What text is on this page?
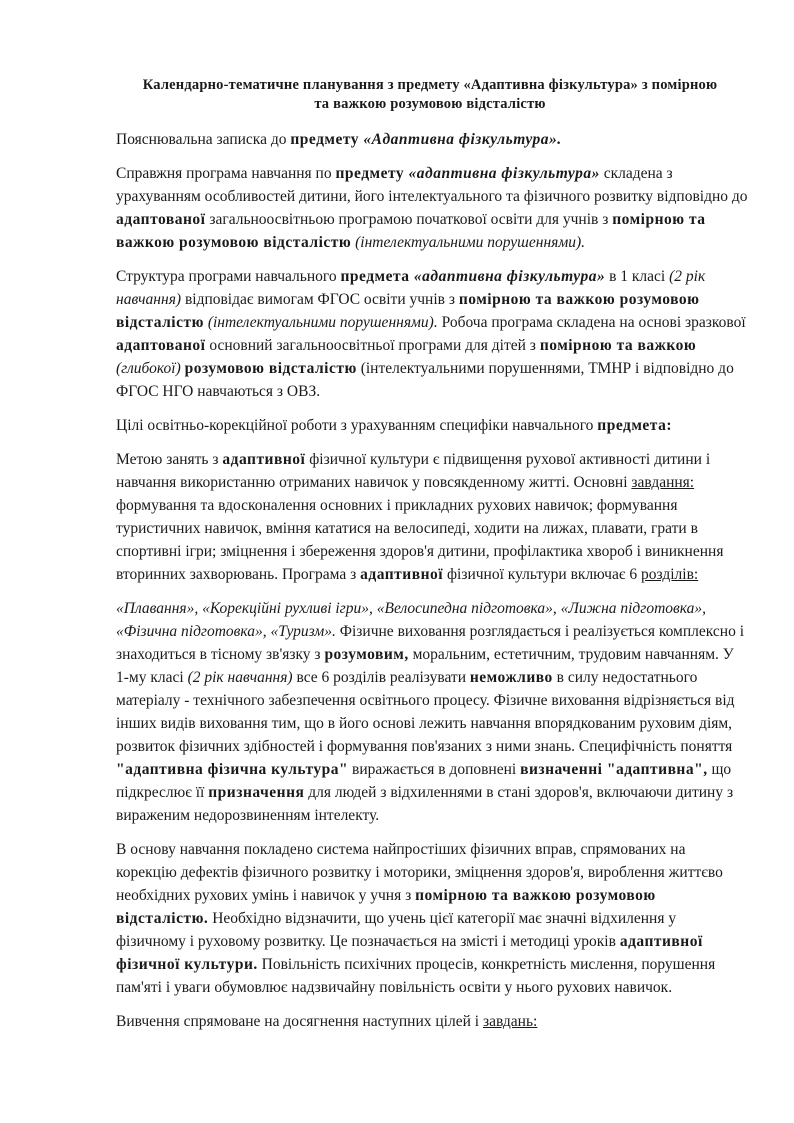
Календарно-тематичне планування з предмету «Адаптивна фізкультура» з помірною
та важкою розумовою відсталістю

Пояснювальна записка до предмету «Адаптивна фізкультура».

Справжня програма навчання по предмету «адаптивна фізкультура» складена з урахуванням особливостей дитини, його інтелектуального та фізичного розвитку відповідно до адаптованої загальноосвітньою програмою початкової освіти для учнів з помірною та важкою розумовою відсталістю (інтелектуальними порушеннями).

Структура програми навчального предмета «адаптивна фізкультура» в 1 класі (2 рік навчання) відповідає вимогам ФГОС освіти учнів з помірною та важкою розумовою відсталістю (інтелектуальними порушеннями). Робоча програма складена на основі зразкової адаптованої основний загальноосвітньої програми для дітей з помірною та важкою (глибокої) розумовою відсталістю (інтелектуальними порушеннями, ТМНР і відповідно до ФГОС НГО навчаються з ОВЗ.

Цілі освітньо-корекційної роботи з урахуванням специфіки навчального предмета:

Метою занять з адаптивної фізичної культури є підвищення рухової активності дитини і навчання використанню отриманих навичок у повсякденному житті. Основні завдання: формування та вдосконалення основних і прикладних рухових навичок; формування туристичних навичок, вміння кататися на велосипеді, ходити на лижах, плавати, грати в спортивні ігри; зміцнення і збереження здоров'я дитини, профілактика хвороб і виникнення вторинних захворювань. Програма з адаптивної фізичної культури включає 6 розділів:

«Плавання», «Корекційні рухливі ігри», «Велосипедна підготовка», «Лижна підготовка», «Фізична підготовка», «Туризм». Фізичне виховання розглядається і реалізується комплексно і знаходиться в тісному зв'язку з розумовим, моральним, естетичним, трудовим навчанням. У 1-му класі (2 рік навчання) все 6 розділів реалізувати неможливо в силу недостатнього матеріалу - технічного забезпечення освітнього процесу. Фізичне виховання відрізняється від інших видів виховання тим, що в його основі лежить навчання впорядкованим руховим діям, розвиток фізичних здібностей і формування пов'язаних з ними знань. Специфічність поняття "адаптивна фізична культура" виражається в доповнені визначенні "адаптивна", що підкреслює її призначення для людей з відхиленнями в стані здоров'я, включаючи дитину з вираженим недорозвиненням інтелекту.

В основу навчання покладено система найпростіших фізичних вправ, спрямованих на корекцію дефектів фізичного розвитку і моторики, зміцнення здоров'я, вироблення життєво необхідних рухових умінь і навичок у учня з помірною та важкою розумовою відсталістю. Необхідно відзначити, що учень цієї категорії має значні відхилення у фізичному і руховому розвитку. Це позначається на змісті і методиці уроків адаптивної фізичної культури. Повільність психічних процесів, конкретність мислення, порушення пам'яті і уваги обумовлює надзвичайну повільність освіти у нього рухових навичок.

Вивчення спрямоване на досягнення наступних цілей і завдань:
